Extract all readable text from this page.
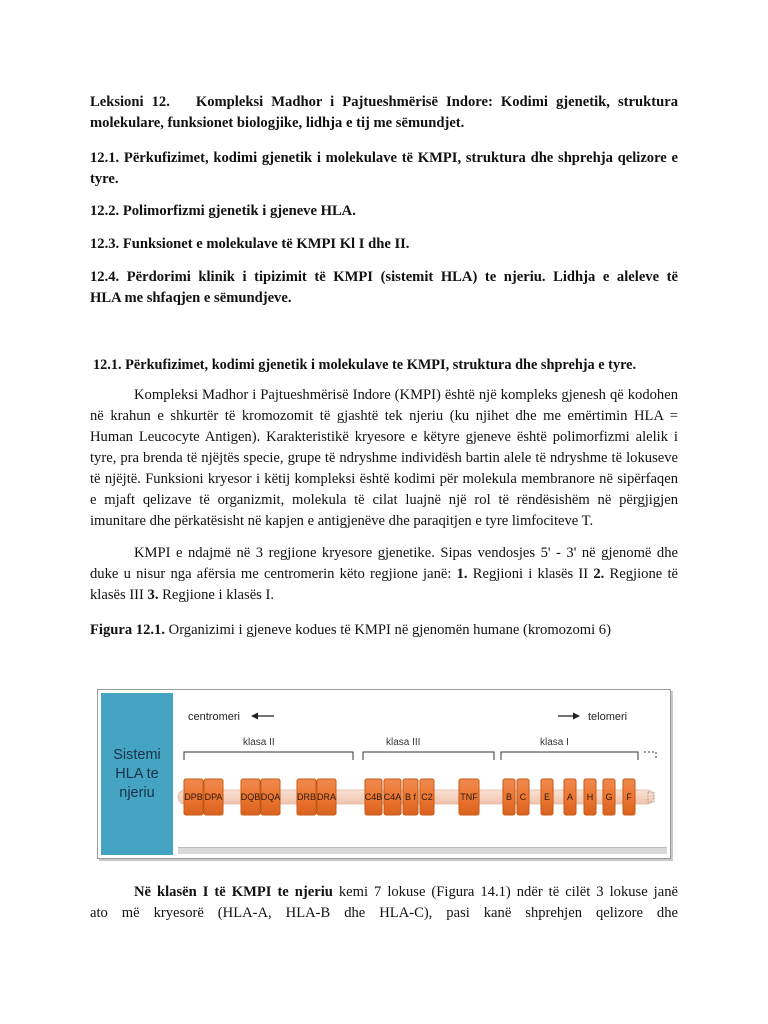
Leksioni 12. Kompleksi Madhor i Pajtueshmërisë Indore: Kodimi gjenetik, struktura
molekulare, funksionet biologjike, lidhja e tij me sëmundjet.

12.1. Përkufizimet, kodimi gjenetik i molekulave të KMPI, struktura dhe shprehja qelizore e tyre.

12.2. Polimorfizmi gjenetik i gjeneve HLA.

12.3. Funksionet e molekulave të KMPI Kl I dhe II.

12.4. Përdorimi klinik i tipizimit të KMPI (sistemit HLA) te njeriu. Lidhja e aleleve të
HLA me shfaqjen e sëmundjeve.

12.1. Përkufizimet, kodimi gjenetik i molekulave te KMPI, struktura dhe shprehja e tyre.

Kompleksi Madhor i Pajtueshmërisë Indore (KMPI) është një kompleks gjenesh që kodohen në krahun e shkurtër të kromozomit të gjashtë tek njeriu (ku njihet dhe me emërtimin HLA = Human Leucocyte Antigen). Karakteristikë kryesore e këtyre gjeneve është polimorfizmi alelik i tyre, pra brenda të njëjtës specie, grupe të ndryshme individësh bartin alele të ndryshme të lokuseve të njëjtë. Funksioni kryesor i këtij kompleksi është kodimi për molekula membranore në sipërfaqen e mjaft qelizave të organizmit, molekula të cilat luajnë një rol të rëndësishëm në përgjigjen imunitare dhe përkatësisht në kapjen e antigjenëve dhe paraqitjen e tyre limfociteve T.

KMPI e ndajmë në 3 regjione kryesore gjenetike. Sipas vendosjes 5' - 3' në gjenomë dhe duke u nisur nga afërsia me centromerin këto regjione janë: 1. Regjioni i klasës II 2. Regjione të klasës III 3. Regjione i klasës I.

Figura 12.1. Organizimi i gjeneve kodues të KMPI në gjenomën humane (kromozomi 6)

Sistemi
HLA te
njeriu
centromeri	telomeri
klasa II	klasa III	klasa I
DPB DPA DQB DQA DRB DRA	C4B C4A B f C2	TNF	B C E A H G F

Në klasën I të KMPI te njeriu kemi 7 lokuse (Figura 14.1) ndër të cilët 3 lokuse janë
ato më kryesorë (HLA-A, HLA-B dhe HLA-C), pasi kanë shprehjen qelizore dhe
